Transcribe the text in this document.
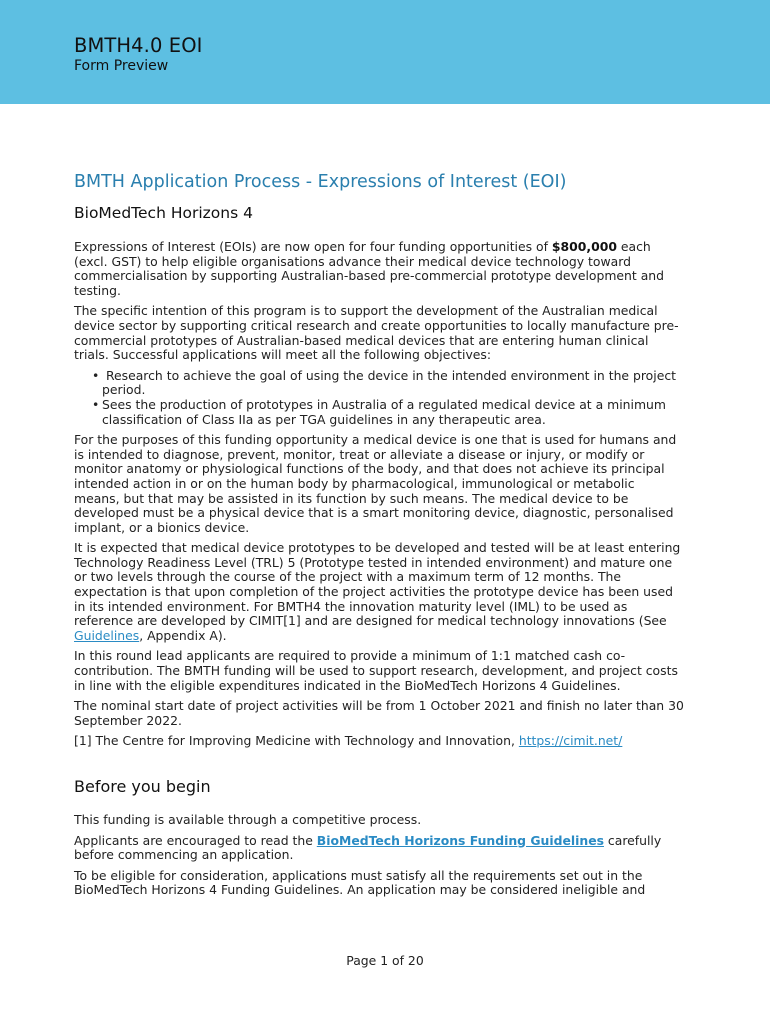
BMTH4.0 EOI
Form Preview
BMTH Application Process - Expressions of Interest (EOI)
BioMedTech Horizons 4

Expressions of Interest (EOIs) are now open for four funding opportunities of $800,000 each (excl. GST) to help eligible organisations advance their medical device technology toward commercialisation by supporting Australian-based pre-commercial prototype development and testing.

The specific intention of this program is to support the development of the Australian medical device sector by supporting critical research and create opportunities to locally manufacture pre-commercial prototypes of Australian-based medical devices that are entering human clinical trials. Successful applications will meet all the following objectives:

• Research to achieve the goal of using the device in the intended environment in the project period.
• Sees the production of prototypes in Australia of a regulated medical device at a minimum classification of Class IIa as per TGA guidelines in any therapeutic area.

For the purposes of this funding opportunity a medical device is one that is used for humans and is intended to diagnose, prevent, monitor, treat or alleviate a disease or injury, or modify or monitor anatomy or physiological functions of the body, and that does not achieve its principal intended action in or on the human body by pharmacological, immunological or metabolic means, but that may be assisted in its function by such means. The medical device to be developed must be a physical device that is a smart monitoring device, diagnostic, personalised implant, or a bionics device.

It is expected that medical device prototypes to be developed and tested will be at least entering Technology Readiness Level (TRL) 5 (Prototype tested in intended environment) and mature one or two levels through the course of the project with a maximum term of 12 months. The expectation is that upon completion of the project activities the prototype device has been used in its intended environment. For BMTH4 the innovation maturity level (IML) to be used as reference are developed by CIMIT[1] and are designed for medical technology innovations (See Guidelines, Appendix A).

In this round lead applicants are required to provide a minimum of 1:1 matched cash co-contribution. The BMTH funding will be used to support research, development, and project costs in line with the eligible expenditures indicated in the BioMedTech Horizons 4 Guidelines.

The nominal start date of project activities will be from 1 October 2021 and finish no later than 30 September 2022.

[1] The Centre for Improving Medicine with Technology and Innovation, https://cimit.net/

Before you begin

This funding is available through a competitive process.

Applicants are encouraged to read the BioMedTech Horizons Funding Guidelines carefully before commencing an application.

To be eligible for consideration, applications must satisfy all the requirements set out in the BioMedTech Horizons 4 Funding Guidelines. An application may be considered ineligible and

Page 1 of 20
